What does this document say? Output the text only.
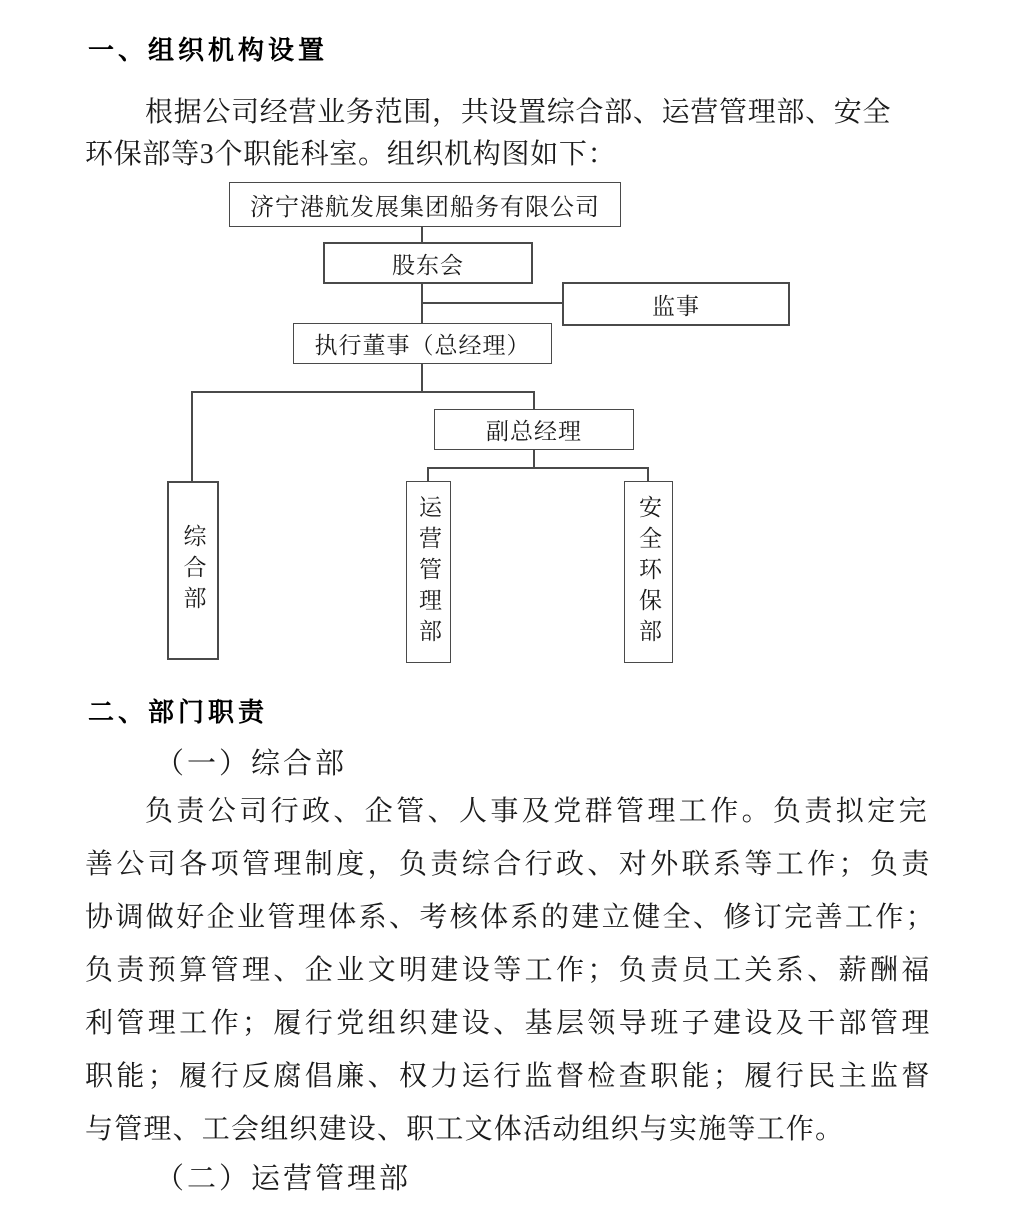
一、组织机构设置
根据公司经营业务范围，共设置综合部、运营管理部、安全
环保部等3个职能科室。组织机构图如下：
济宁港航发展集团船务有限公司
股东会
监事
执行董事（总经理）
副总经理
综合部	运营管理部	安全环保部
二、部门职责
（一）综合部
负责公司行政、企管、人事及党群管理工作。负责拟定完
善公司各项管理制度，负责综合行政、对外联系等工作；负责
协调做好企业管理体系、考核体系的建立健全、修订完善工作；
负责预算管理、企业文明建设等工作；负责员工关系、薪酬福
利管理工作；履行党组织建设、基层领导班子建设及干部管理
职能；履行反腐倡廉、权力运行监督检查职能；履行民主监督
与管理、工会组织建设、职工文体活动组织与实施等工作。
（二）运营管理部
